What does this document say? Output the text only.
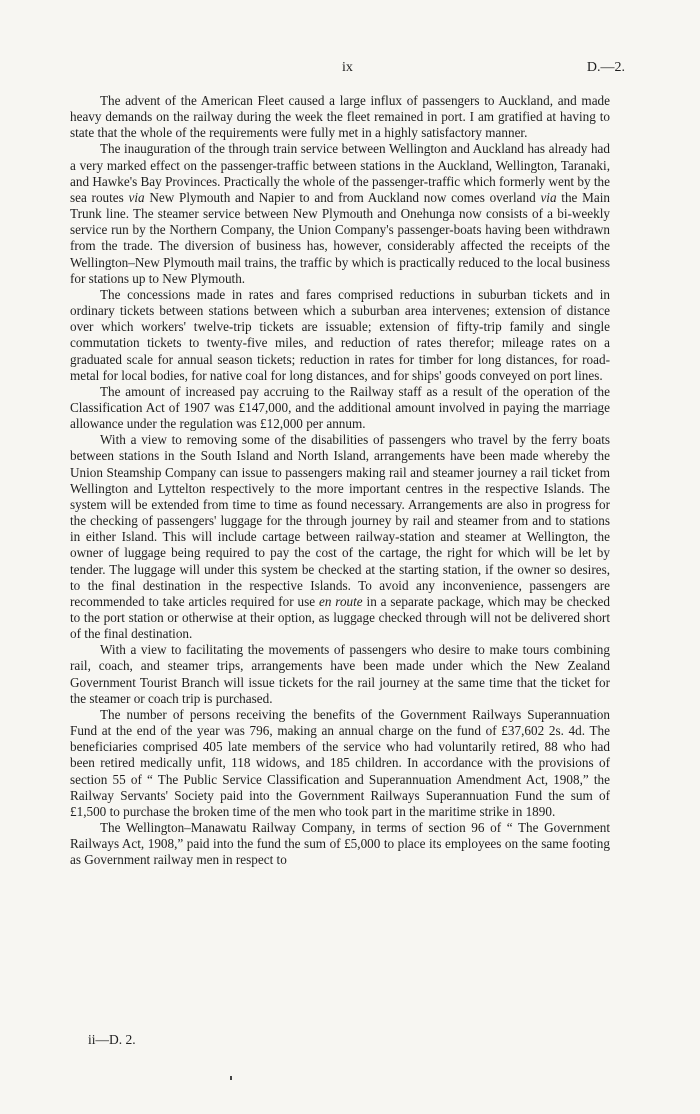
ix	D.—2.

The advent of the American Fleet caused a large influx of passengers to Auckland, and made heavy demands on the railway during the week the fleet remained in port. I am gratified at having to state that the whole of the requirements were fully met in a highly satisfactory manner.

The inauguration of the through train service between Wellington and Auckland has already had a very marked effect on the passenger-traffic between stations in the Auckland, Wellington, Taranaki, and Hawke's Bay Provinces. Practically the whole of the passenger-traffic which formerly went by the sea routes via New Plymouth and Napier to and from Auckland now comes overland via the Main Trunk line. The steamer service between New Plymouth and Onehunga now consists of a bi-weekly service run by the Northern Company, the Union Company's passenger-boats having been withdrawn from the trade. The diversion of business has, however, considerably affected the receipts of the Wellington–New Plymouth mail trains, the traffic by which is practically reduced to the local business for stations up to New Plymouth.

The concessions made in rates and fares comprised reductions in suburban tickets and in ordinary tickets between stations between which a suburban area intervenes; extension of distance over which workers' twelve-trip tickets are issuable; extension of fifty-trip family and single commutation tickets to twenty-five miles, and reduction of rates therefor; mileage rates on a graduated scale for annual season tickets; reduction in rates for timber for long distances, for road-metal for local bodies, for native coal for long distances, and for ships' goods conveyed on port lines.

The amount of increased pay accruing to the Railway staff as a result of the operation of the Classification Act of 1907 was £147,000, and the additional amount involved in paying the marriage allowance under the regulation was £12,000 per annum.

With a view to removing some of the disabilities of passengers who travel by the ferry boats between stations in the South Island and North Island, arrangements have been made whereby the Union Steamship Company can issue to passengers making rail and steamer journey a rail ticket from Wellington and Lyttelton respectively to the more important centres in the respective Islands. The system will be extended from time to time as found necessary. Arrangements are also in progress for the checking of passengers' luggage for the through journey by rail and steamer from and to stations in either Island. This will include cartage between railway-station and steamer at Wellington, the owner of luggage being required to pay the cost of the cartage, the right for which will be let by tender. The luggage will under this system be checked at the starting station, if the owner so desires, to the final destination in the respective Islands. To avoid any inconvenience, passengers are recommended to take articles required for use en route in a separate package, which may be checked to the port station or otherwise at their option, as luggage checked through will not be delivered short of the final destination.

With a view to facilitating the movements of passengers who desire to make tours combining rail, coach, and steamer trips, arrangements have been made under which the New Zealand Government Tourist Branch will issue tickets for the rail journey at the same time that the ticket for the steamer or coach trip is purchased.

The number of persons receiving the benefits of the Government Railways Superannuation Fund at the end of the year was 796, making an annual charge on the fund of £37,602 2s. 4d. The beneficiaries comprised 405 late members of the service who had voluntarily retired, 88 who had been retired medically unfit, 118 widows, and 185 children. In accordance with the provisions of section 55 of “ The Public Service Classification and Superannuation Amendment Act, 1908,” the Railway Servants' Society paid into the Government Railways Superannuation Fund the sum of £1,500 to purchase the broken time of the men who took part in the maritime strike in 1890.

The Wellington–Manawatu Railway Company, in terms of section 96 of “ The Government Railways Act, 1908,” paid into the fund the sum of £5,000 to place its employees on the same footing as Government railway men in respect to

ii—D. 2.
